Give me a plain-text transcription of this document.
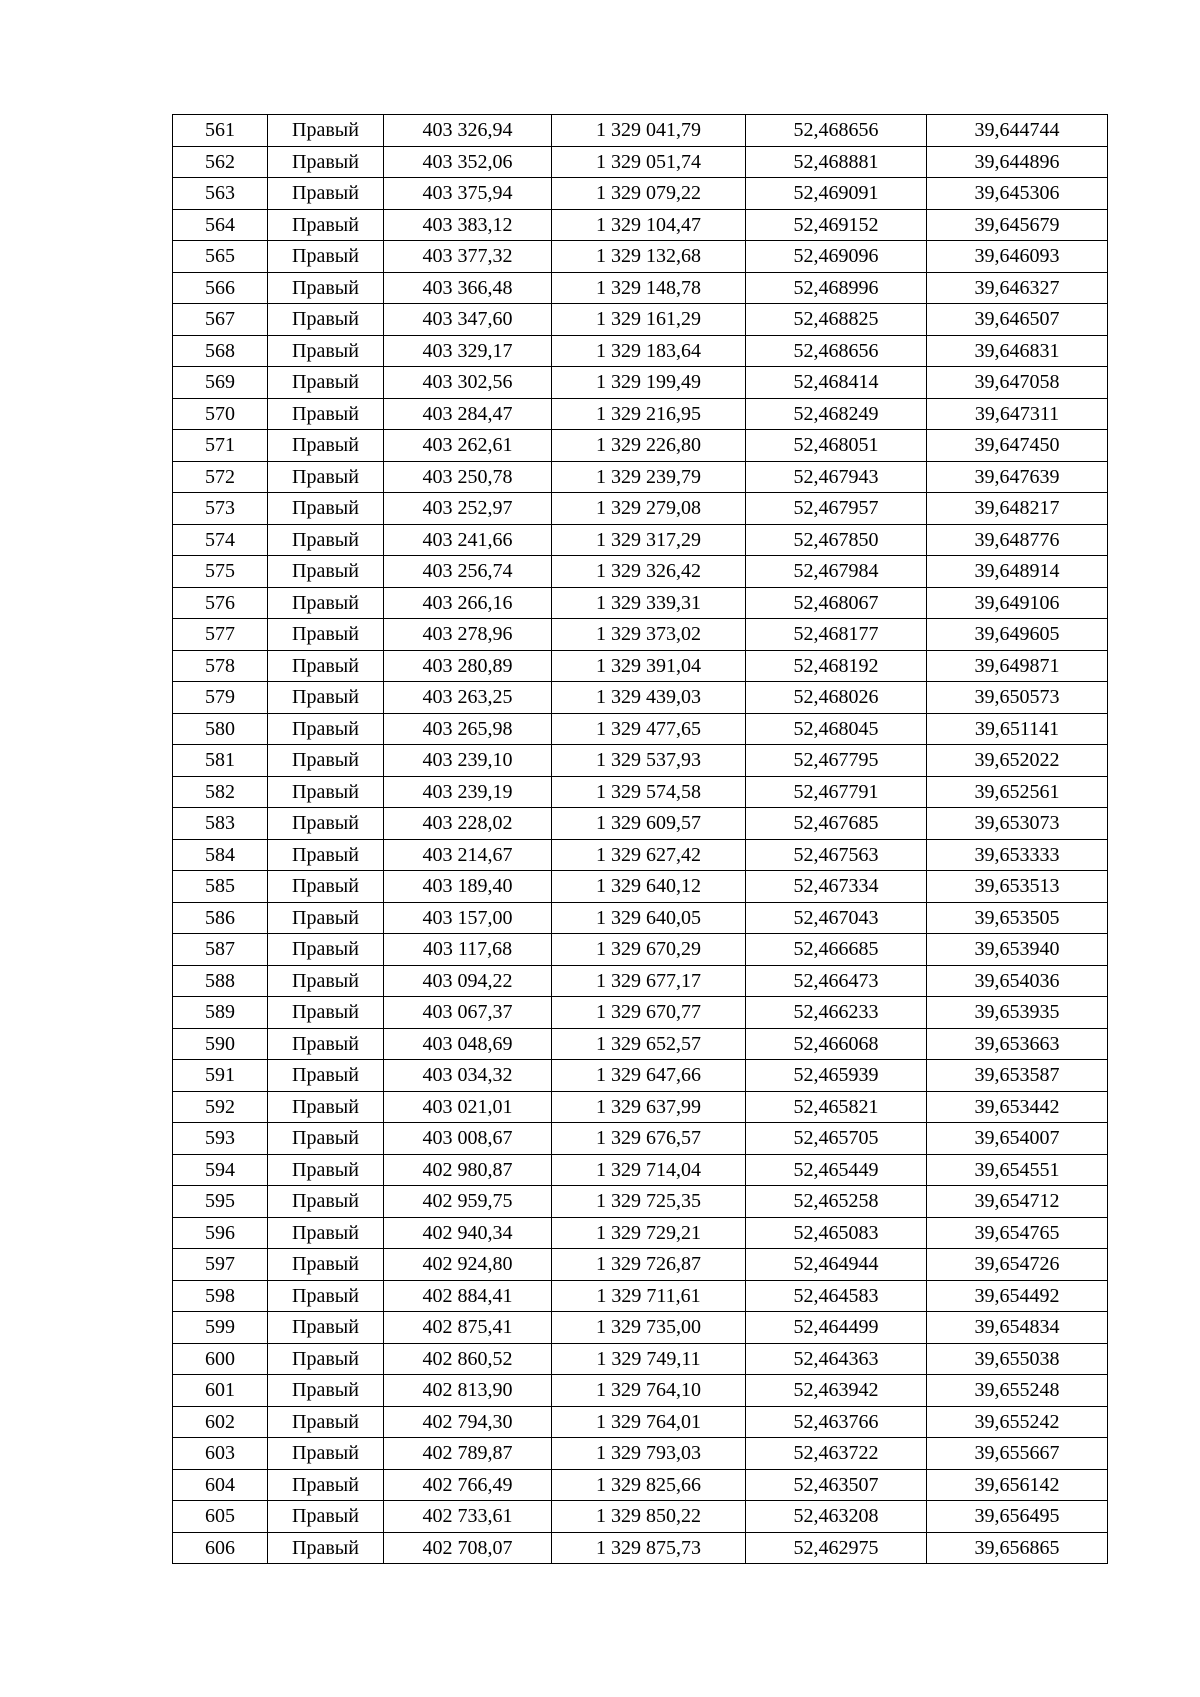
561	Правый	403 326,94	1 329 041,79	52,468656	39,644744
562	Правый	403 352,06	1 329 051,74	52,468881	39,644896
563	Правый	403 375,94	1 329 079,22	52,469091	39,645306
564	Правый	403 383,12	1 329 104,47	52,469152	39,645679
565	Правый	403 377,32	1 329 132,68	52,469096	39,646093
566	Правый	403 366,48	1 329 148,78	52,468996	39,646327
567	Правый	403 347,60	1 329 161,29	52,468825	39,646507
568	Правый	403 329,17	1 329 183,64	52,468656	39,646831
569	Правый	403 302,56	1 329 199,49	52,468414	39,647058
570	Правый	403 284,47	1 329 216,95	52,468249	39,647311
571	Правый	403 262,61	1 329 226,80	52,468051	39,647450
572	Правый	403 250,78	1 329 239,79	52,467943	39,647639
573	Правый	403 252,97	1 329 279,08	52,467957	39,648217
574	Правый	403 241,66	1 329 317,29	52,467850	39,648776
575	Правый	403 256,74	1 329 326,42	52,467984	39,648914
576	Правый	403 266,16	1 329 339,31	52,468067	39,649106
577	Правый	403 278,96	1 329 373,02	52,468177	39,649605
578	Правый	403 280,89	1 329 391,04	52,468192	39,649871
579	Правый	403 263,25	1 329 439,03	52,468026	39,650573
580	Правый	403 265,98	1 329 477,65	52,468045	39,651141
581	Правый	403 239,10	1 329 537,93	52,467795	39,652022
582	Правый	403 239,19	1 329 574,58	52,467791	39,652561
583	Правый	403 228,02	1 329 609,57	52,467685	39,653073
584	Правый	403 214,67	1 329 627,42	52,467563	39,653333
585	Правый	403 189,40	1 329 640,12	52,467334	39,653513
586	Правый	403 157,00	1 329 640,05	52,467043	39,653505
587	Правый	403 117,68	1 329 670,29	52,466685	39,653940
588	Правый	403 094,22	1 329 677,17	52,466473	39,654036
589	Правый	403 067,37	1 329 670,77	52,466233	39,653935
590	Правый	403 048,69	1 329 652,57	52,466068	39,653663
591	Правый	403 034,32	1 329 647,66	52,465939	39,653587
592	Правый	403 021,01	1 329 637,99	52,465821	39,653442
593	Правый	403 008,67	1 329 676,57	52,465705	39,654007
594	Правый	402 980,87	1 329 714,04	52,465449	39,654551
595	Правый	402 959,75	1 329 725,35	52,465258	39,654712
596	Правый	402 940,34	1 329 729,21	52,465083	39,654765
597	Правый	402 924,80	1 329 726,87	52,464944	39,654726
598	Правый	402 884,41	1 329 711,61	52,464583	39,654492
599	Правый	402 875,41	1 329 735,00	52,464499	39,654834
600	Правый	402 860,52	1 329 749,11	52,464363	39,655038
601	Правый	402 813,90	1 329 764,10	52,463942	39,655248
602	Правый	402 794,30	1 329 764,01	52,463766	39,655242
603	Правый	402 789,87	1 329 793,03	52,463722	39,655667
604	Правый	402 766,49	1 329 825,66	52,463507	39,656142
605	Правый	402 733,61	1 329 850,22	52,463208	39,656495
606	Правый	402 708,07	1 329 875,73	52,462975	39,656865
